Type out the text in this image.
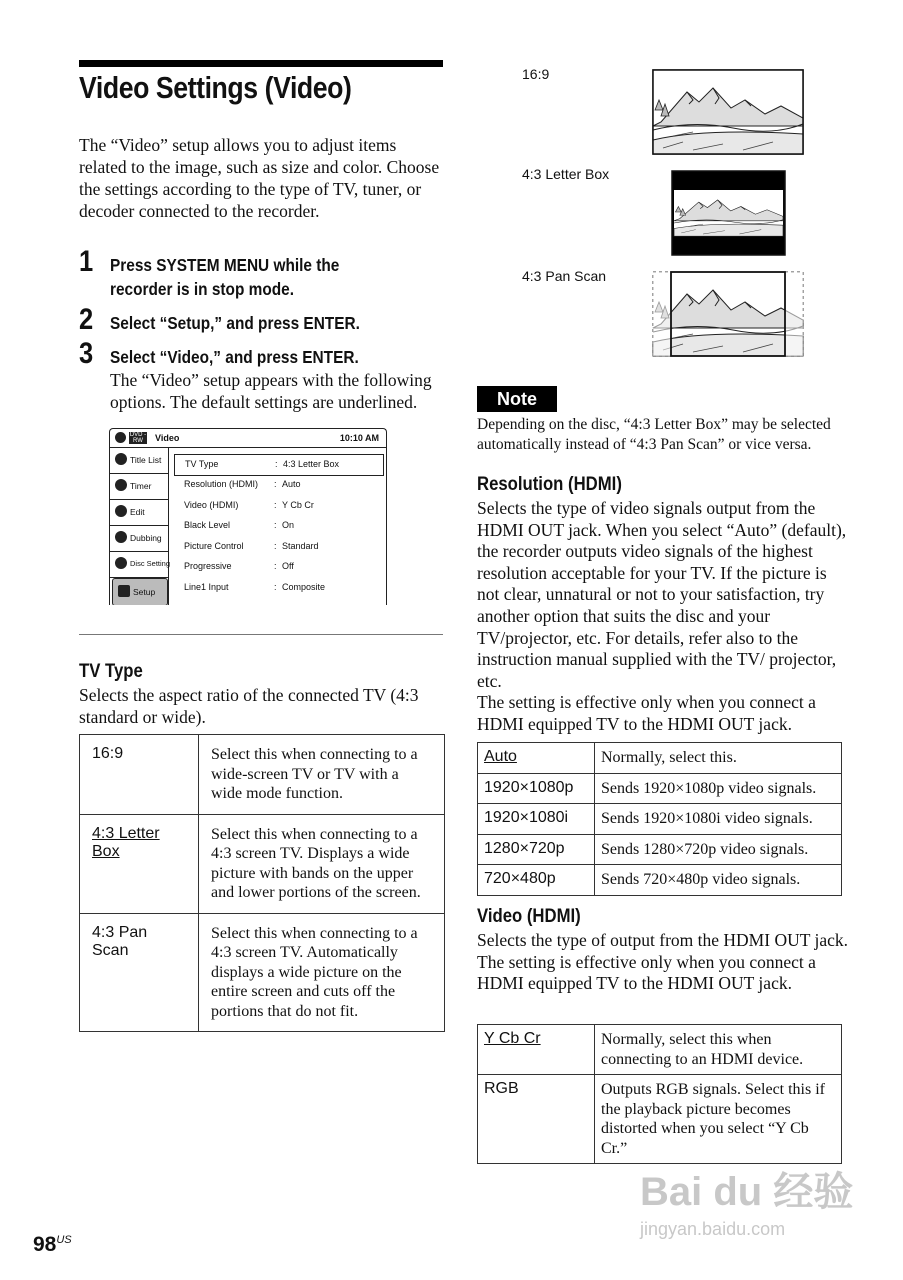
Video Settings (Video)
The “Video” setup allows you to adjust items related to the image, such as size and color. Choose the settings according to the type of TV, tuner, or decoder connected to the recorder.
1 Press SYSTEM MENU while the recorder is in stop mode.
2 Select “Setup,” and press ENTER.
3 Select “Video,” and press ENTER.
The “Video” setup appears with the following options. The default settings are underlined.
DVD -RW	Video	10:10 AM
Title List
Timer
Edit
Dubbing
Disc Setting
Setup
TV Type	: 4:3 Letter Box
Resolution (HDMI) : Auto
Video (HDMI)	: Y Cb Cr
Black Level	: On
Picture Control	: Standard
Progressive	: Off
Line1 Input	: Composite
TV Type
Selects the aspect ratio of the connected TV (4:3 standard or wide).
16:9	Select this when connecting to a wide-screen TV or TV with a wide mode function.
4:3 Letter Box	Select this when connecting to a 4:3 screen TV. Displays a wide picture with bands on the upper and lower portions of the screen.
4:3 Pan Scan	Select this when connecting to a 4:3 screen TV. Automatically displays a wide picture on the entire screen and cuts off the portions that do not fit.
16:9
4:3 Letter Box
4:3 Pan Scan
Note
Depending on the disc, “4:3 Letter Box” may be selected automatically instead of “4:3 Pan Scan” or vice versa.
Resolution (HDMI)
Selects the type of video signals output from the HDMI OUT jack. When you select “Auto” (default), the recorder outputs video signals of the highest resolution acceptable for your TV. If the picture is not clear, unnatural or not to your satisfaction, try another option that suits the disc and your TV/projector, etc. For details, refer also to the instruction manual supplied with the TV/ projector, etc.
The setting is effective only when you connect a HDMI equipped TV to the HDMI OUT jack.
Auto	Normally, select this.
1920×1080p	Sends 1920×1080p video signals.
1920×1080i	Sends 1920×1080i video signals.
1280×720p	Sends 1280×720p video signals.
720×480p	Sends 720×480p video signals.
Video (HDMI)
Selects the type of output from the HDMI OUT jack.
The setting is effective only when you connect a HDMI equipped TV to the HDMI OUT jack.
Y Cb Cr	Normally, select this when connecting to an HDMI device.
RGB	Outputs RGB signals. Select this if the playback picture becomes distorted when you select “Y Cb Cr.”
$98^{US}$
Bai du 经验
jingyan.baidu.com
